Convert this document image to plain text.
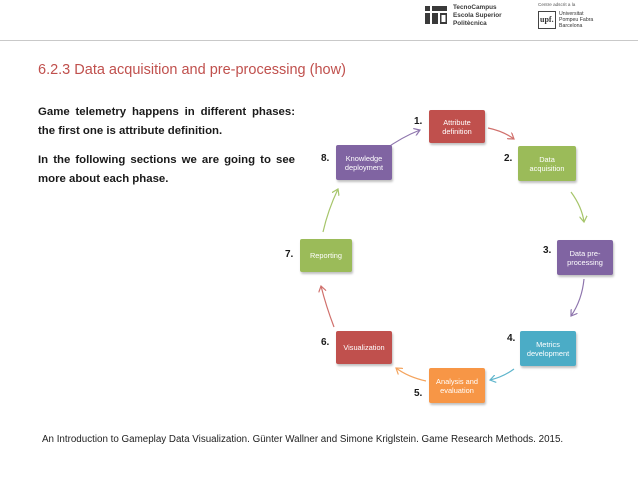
TecnoCampus
Escola Superior
Politècnica
Centre adscrit a la
upf.
Universitat
Pompeu Fabra
Barcelona
6.2.3 Data acquisition and pre-processing (how)

Game telemetry happens in different phases: the first one is attribute definition.

In the following sections we are going to see more about each phase.

Attribute definition
1.
Data acquisition
2.
Data pre-processing
3.
Metrics development
4.
Analysis and evaluation
5.
Visualization
6.
Reporting
7.
Knowledge deployment
8.
An Introduction to Gameplay Data Visualization. Günter Wallner and Simone Kriglstein. Game Research Methods. 2015.
